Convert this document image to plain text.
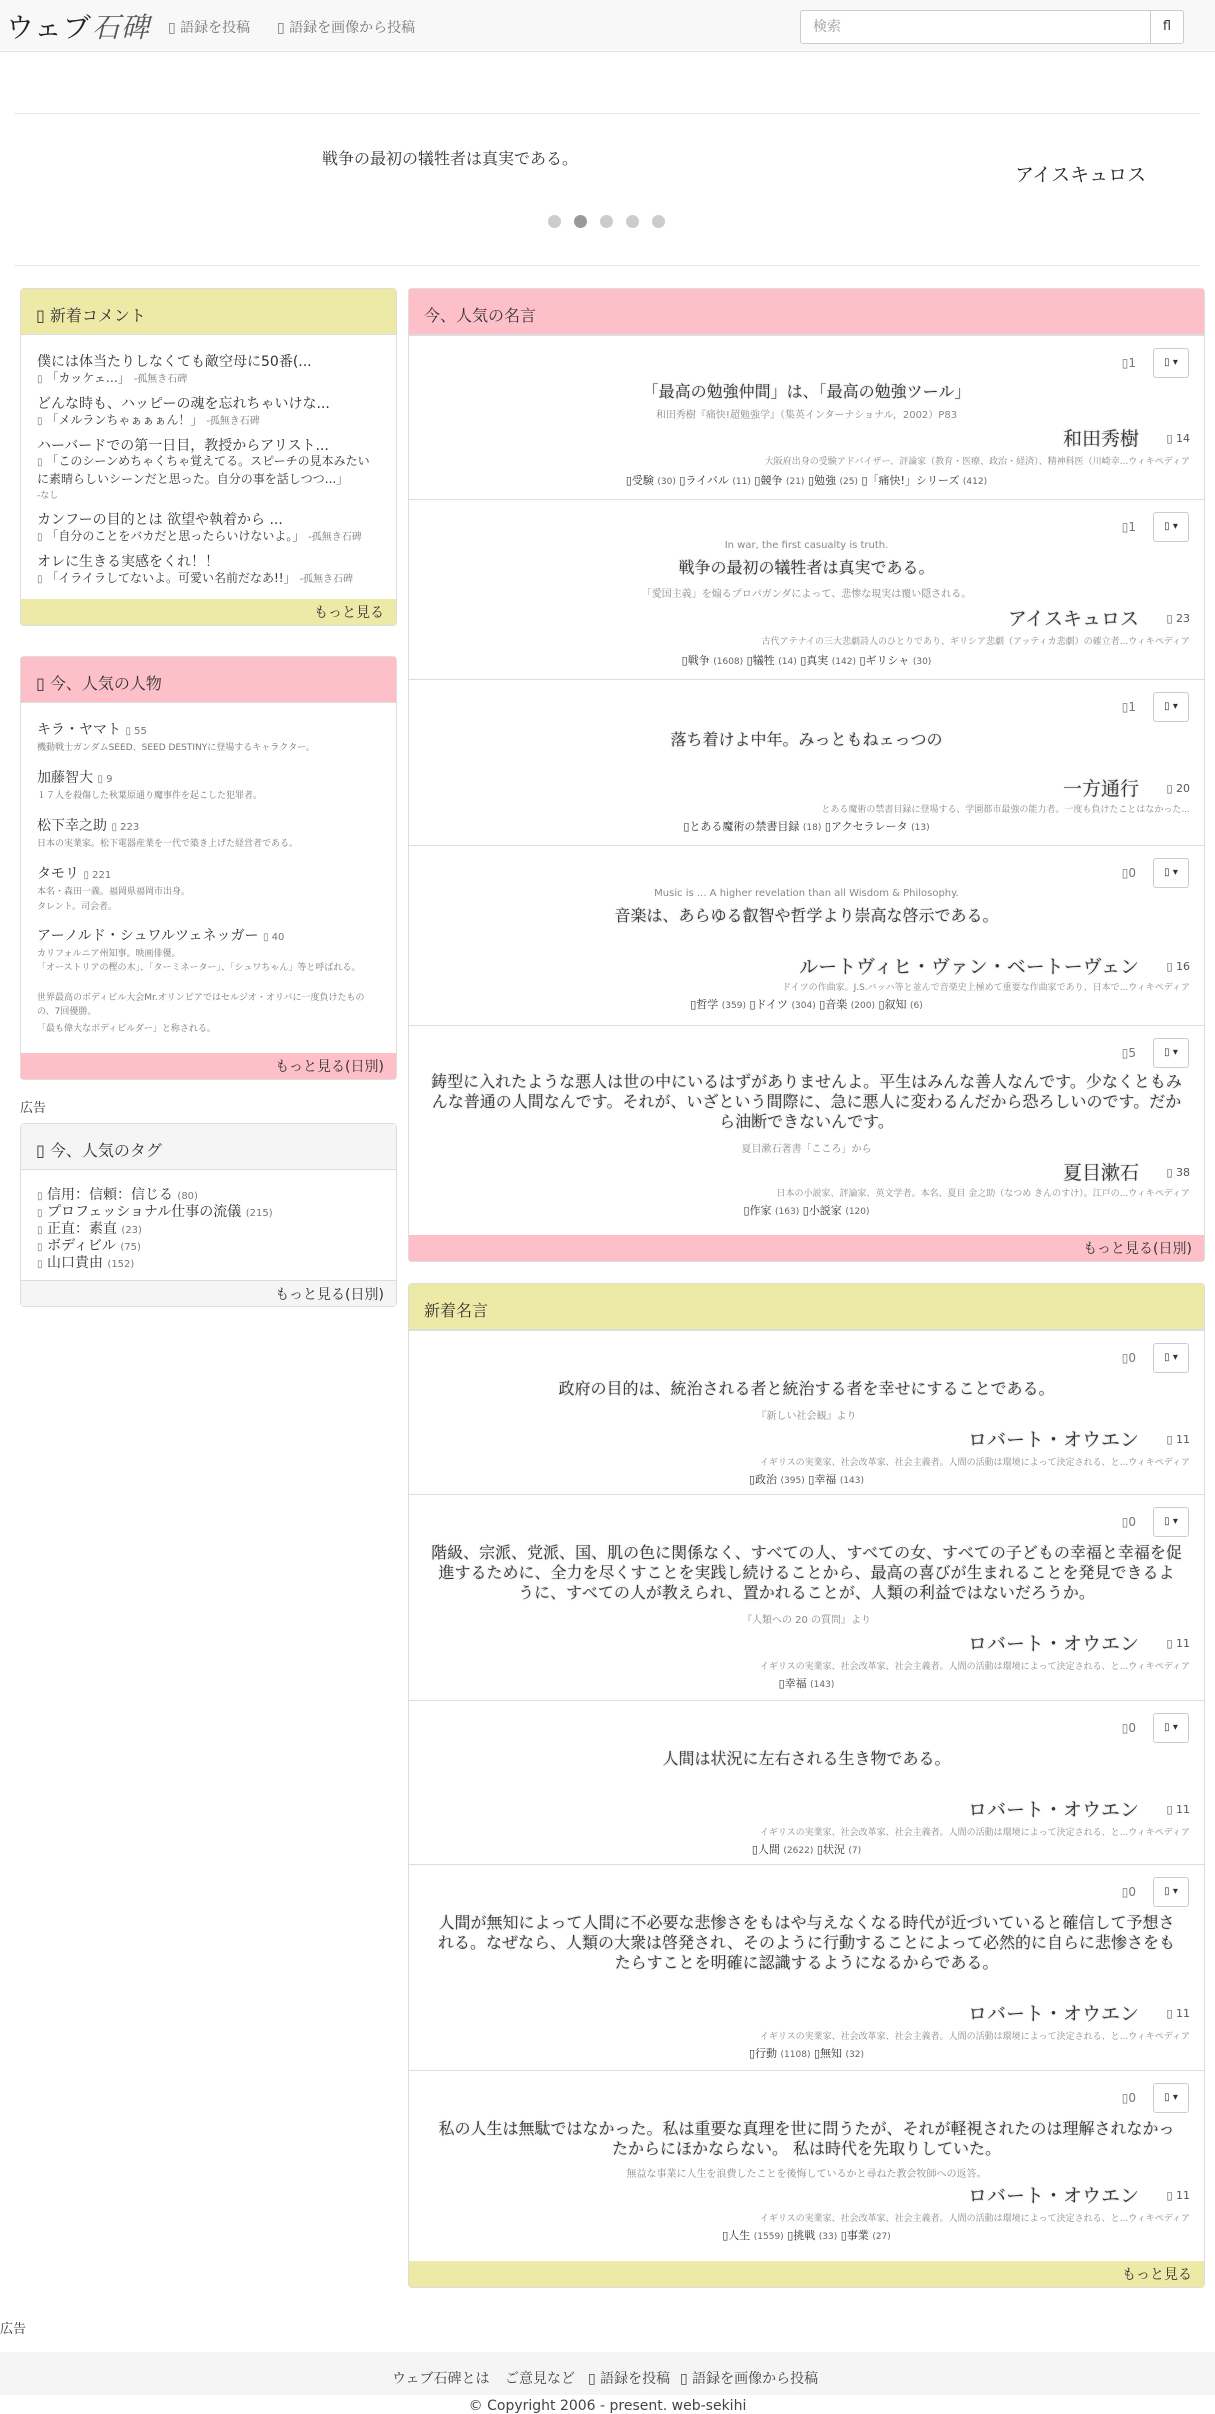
ウェブ石碑 ▯ 語録を投稿 ▯ 語録を画像から投稿
検索	fl
戦争の最初の犠牲者は真実である。
アイスキュロス
▯ 新着コメント
僕には体当たりしなくても敵空母に50番(...
▯ 「カッケェ…」 -孤無き石碑
どんな時も、ハッピーの魂を忘れちゃいけな...
▯ 「メルランちゃぁぁぁん！」 -孤無き石碑
ハーバードでの第一日目，教授からアリスト...
▯ 「このシーンめちゃくちゃ覚えてる。スピーチの見本みたいに素晴らしいシーンだと思った。自分の事を話しつつ...」
-なし
カンフーの目的とは 欲望や執着から ...
▯ 「自分のことをバカだと思ったらいけないよ。」 -孤無き石碑
オレに生きる実感をくれ！！
▯ 「イライラしてないよ。可愛い名前だなあ!!」 -孤無き石碑
もっと見る
▯ 今、人気の人物
キラ・ヤマト ▯ 55
機動戦士ガンダムSEED、SEED DESTINYに登場するキャラクター。
加藤智大 ▯ 9
１７人を殺傷した秋葉原通り魔事件を起こした犯罪者。
松下幸之助 ▯ 223
日本の実業家。松下電器産業を一代で築き上げた経営者である。
タモリ ▯ 221
本名・森田一義。福岡県福岡市出身。
タレント。司会者。
アーノルド・シュワルツェネッガー ▯ 40
カリフォルニア州知事。映画俳優。
「オーストリアの樫の木」、「ターミネーター」、「シュワちゃん」等と呼ばれる。
世界最高のボディビル大会Mr.オリンピアではセルジオ・オリバに一度負けたものの、7回優勝。
「最も偉大なボディビルダー」と称される。
もっと見る(日別)
広告
▯ 今、人気のタグ
▯ 信用：信頼：信じる (80)
▯ プロフェッショナル仕事の流儀 (215)
▯ 正直：素直 (23)
▯ ボディビル (75)
▯ 山口貴由 (152)
もっと見る(日別)
今、人気の名言
▯1	▯ ▾
「最高の勉強仲間」は、「最高の勉強ツール」
和田秀樹『痛快!超勉強学』（集英インターナショナル，2002）P83
和田秀樹 ▯ 14
大阪府出身の受験アドバイザー、評論家（教育・医療、政治・経済）、精神科医（川崎幸...ウィキペディア
▯受験 (30) ▯ライバル (11) ▯競争 (21) ▯勉強 (25) ▯「痛快!」シリーズ (412)
▯1	▯ ▾
In war, the first casualty is truth.
戦争の最初の犠牲者は真実である。
「愛国主義」を煽るプロパガンダによって、悲惨な現実は覆い隠される。
アイスキュロス ▯ 23
古代アテナイの三大悲劇詩人のひとりであり、ギリシア悲劇（アッティカ悲劇）の確立者...ウィキペディア
▯戦争 (1608) ▯犠牲 (14) ▯真実 (142) ▯ギリシャ (30)
▯1	▯ ▾
落ち着けよ中年。みっともねェっつの
一方通行 ▯ 20
とある魔術の禁書目録に登場する、学園都市最強の能力者。一度も負けたことはなかった...
▯とある魔術の禁書目録 (18) ▯アクセラレータ (13)
▯0	▯ ▾
Music is ... A higher revelation than all Wisdom & Philosophy.
音楽は、あらゆる叡智や哲学より崇高な啓示である。
ルートヴィヒ・ヴァン・ベートーヴェン ▯ 16
ドイツの作曲家。J.S.バッハ等と並んで音楽史上極めて重要な作曲家であり、日本で...ウィキペディア
▯哲学 (359) ▯ドイツ (304) ▯音楽 (200) ▯叙知 (6)
▯5	▯ ▾
鋳型に入れたような悪人は世の中にいるはずがありませんよ。平生はみんな善人なんです。少なくともみんな普通の人間なんです。それが、いざという間際に、急に悪人に変わるんだから恐ろしいのです。だから油断できないんです。
夏目漱石著書「こころ」から
夏目漱石 ▯ 38
日本の小説家、評論家、英文学者。本名、夏目 金之助（なつめ きんのすけ）。江戸の...ウィキペディア
▯作家 (163) ▯小説家 (120)
もっと見る(日別)
新着名言
▯0	▯ ▾
政府の目的は、統治される者と統治する者を幸せにすることである。
『新しい社会観』より
ロバート・オウエン ▯ 11
イギリスの実業家、社会改革家、社会主義者。人間の活動は環境によって決定される、と...ウィキペディア
▯政治 (395) ▯幸福 (143)
▯0	▯ ▾
階級、宗派、党派、国、肌の色に関係なく、すべての人、すべての女、すべての子どもの幸福と幸福を促進するために、全力を尽くすことを実践し続けることから、最高の喜びが生まれることを発見できるように、すべての人が教えられ、置かれることが、人類の利益ではないだろうか。
『人類への 20 の質問』より
ロバート・オウエン ▯ 11
イギリスの実業家、社会改革家、社会主義者。人間の活動は環境によって決定される、と...ウィキペディア
▯幸福 (143)
▯0	▯ ▾
人間は状況に左右される生き物である。
ロバート・オウエン ▯ 11
イギリスの実業家、社会改革家、社会主義者。人間の活動は環境によって決定される、と...ウィキペディア
▯人間 (2622) ▯状況 (7)
▯0	▯ ▾
人間が無知によって人間に不必要な悲惨さをもはや与えなくなる時代が近づいていると確信して予想される。なぜなら、人類の大衆は啓発され、そのように行動することによって必然的に自らに悲惨さをもたらすことを明確に認識するようになるからである。
ロバート・オウエン ▯ 11
イギリスの実業家、社会改革家、社会主義者。人間の活動は環境によって決定される、と...ウィキペディア
▯行動 (1108) ▯無知 (32)
▯0	▯ ▾
私の人生は無駄ではなかった。私は重要な真理を世に問うたが、それが軽視されたのは理解されなかったからにほかならない。 私は時代を先取りしていた。
無益な事業に人生を浪費したことを後悔しているかと尋ねた教会牧師への返答。
ロバート・オウエン ▯ 11
イギリスの実業家、社会改革家、社会主義者。人間の活動は環境によって決定される、と...ウィキペディア
▯人生 (1559) ▯挑戦 (33) ▯事業 (27)
もっと見る
広告
ウェブ石碑とは ご意見など ▯ 語録を投稿 ▯ 語録を画像から投稿
© Copyright 2006 - present. web-sekihi
